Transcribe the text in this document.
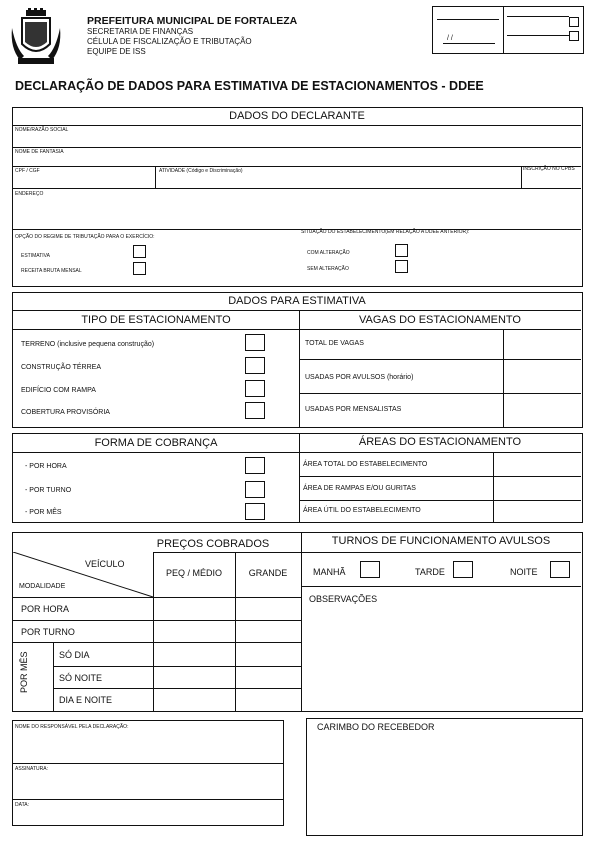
PREFEITURA MUNICIPAL DE FORTALEZA
SECRETARIA DE FINANÇAS
CÉLULA DE FISCALIZAÇÃO E TRIBUTAÇÃO
EQUIPE DE ISS
/ /
DECLARAÇÃO DE DADOS PARA ESTIMATIVA DE ESTACIONAMENTOS - DDEE
DADOS DO DECLARANTE
NOME/RAZÃO SOCIAL
NOME DE FANTASIA
CPF / CGF	ATIVIDADE (Código e Discriminação)	INSCRIÇÃO NO CPBS
ENDEREÇO
OPÇÃO DO REGIME DE TRIBUTAÇÃO PARA O EXERCÍCIO:
ESTIMATIVA
RECEITA BRUTA MENSAL
SITUAÇÃO DO ESTABELECIMENTO(EM RELAÇÃO A DDEE ANTERIOR):
COM ALTERAÇÃO
SEM ALTERAÇÃO
DADOS PARA ESTIMATIVA
TIPO DE ESTACIONAMENTO	VAGAS DO ESTACIONAMENTO
TERRENO (inclusive pequena construção)
CONSTRUÇÃO TÉRREA
EDIFÍCIO COM RAMPA
COBERTURA PROVISÓRIA
TOTAL DE VAGAS
USADAS POR AVULSOS (horário)
USADAS POR MENSALISTAS
FORMA DE COBRANÇA	ÁREAS DO ESTACIONAMENTO
- POR HORA
- POR TURNO
- POR MÊS
ÁREA TOTAL DO ESTABELECIMENTO
ÁREA DE RAMPAS E/OU GURITAS
ÁREA ÚTIL DO ESTABELECIMENTO
PREÇOS COBRADOS	TURNOS DE FUNCIONAMENTO AVULSOS
VEÍCULO
MODALIDADE
PEQ / MÉDIO	GRANDE
POR HORA
POR TURNO
POR MÊS	SÓ DIA
SÓ NOITE
DIA E NOITE
MANHÃ	TARDE	NOITE
OBSERVAÇÕES
NOME DO RESPONSÁVEL PELA DECLARAÇÃO:
ASSINATURA:
DATA:
CARIMBO DO RECEBEDOR
